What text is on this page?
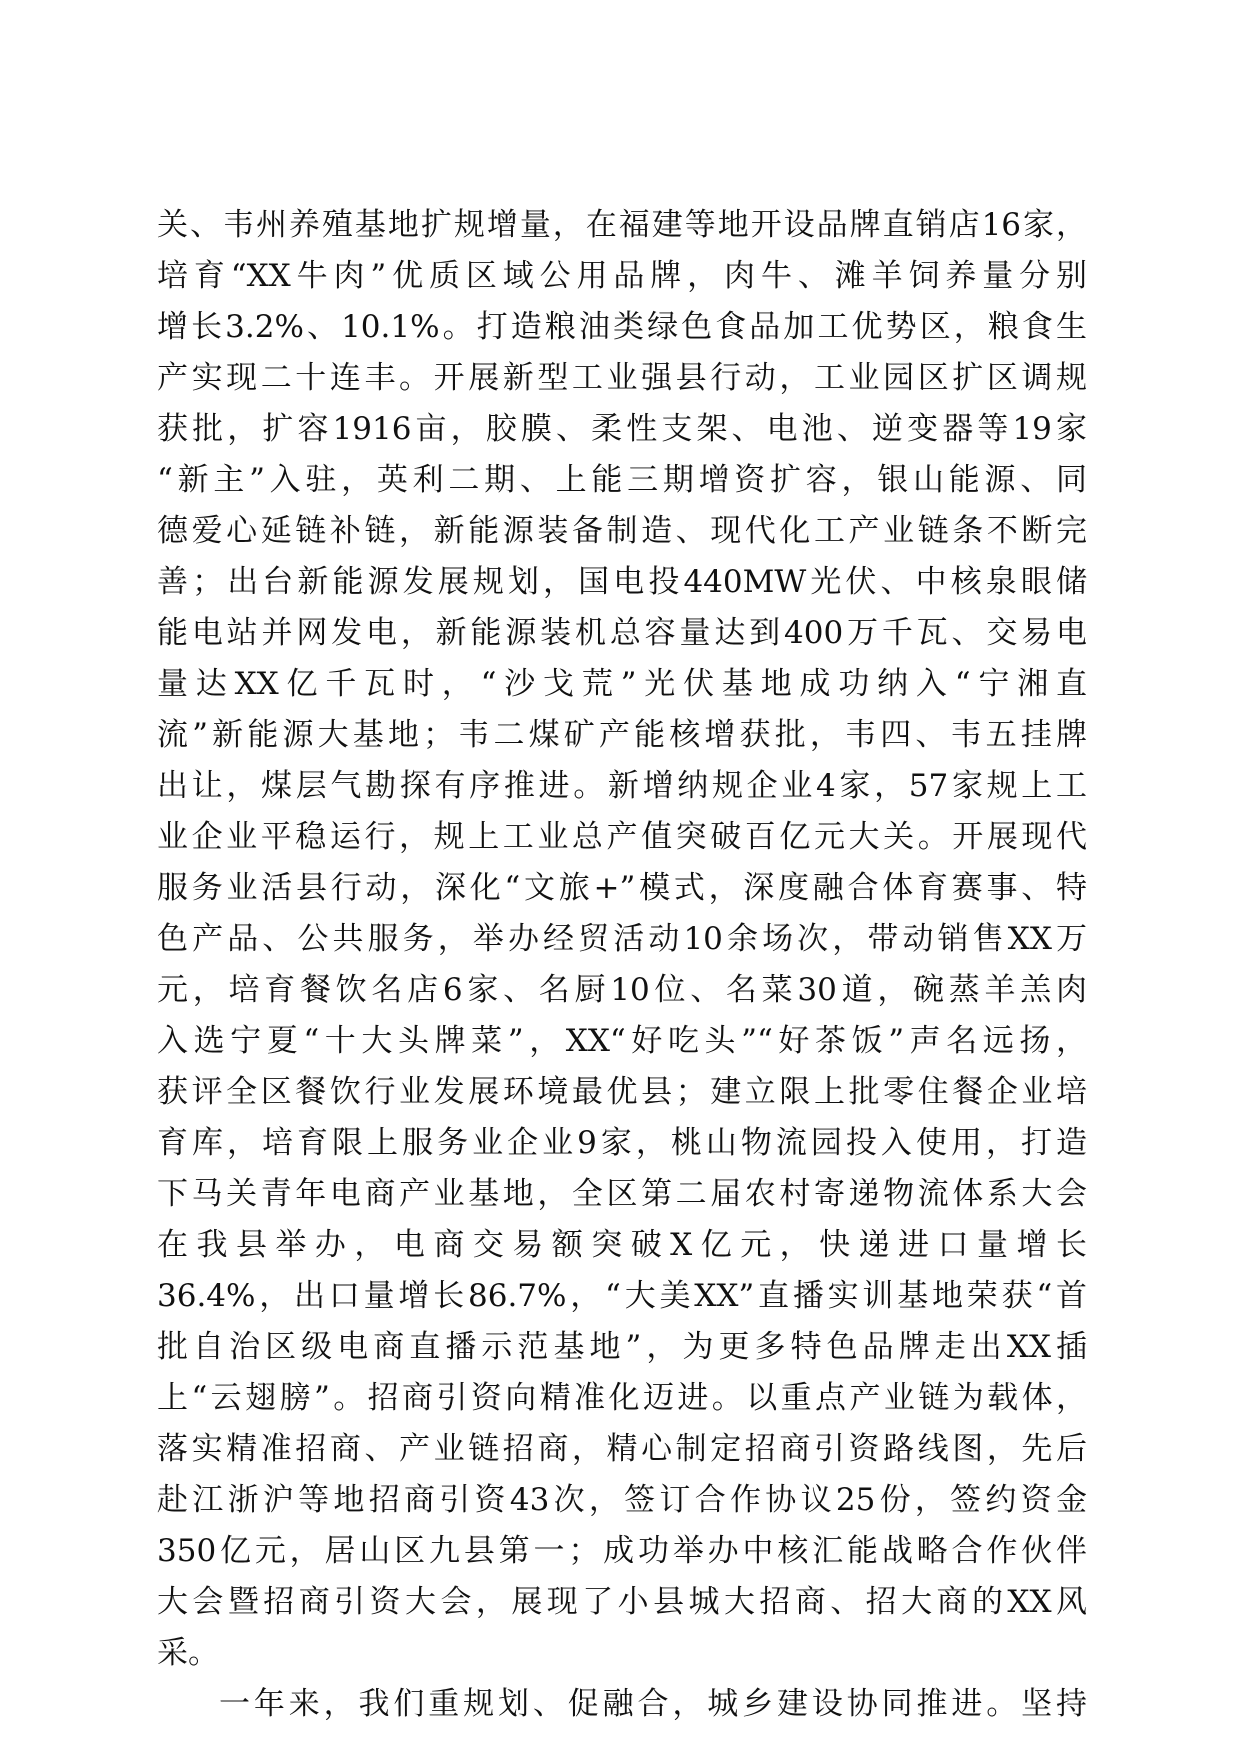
关、韦州养殖基地扩规增量，在福建等地开设品牌直销店16家，
培育“XX牛肉”优质区域公用品牌，肉牛、滩羊饲养量分别
增长3.2%、10.1%。打造粮油类绿色食品加工优势区，粮食生
产实现二十连丰。开展新型工业强县行动，工业园区扩区调规
获批，扩容1916亩，胶膜、柔性支架、电池、逆变器等19家
“新主”入驻，英利二期、上能三期增资扩容，银山能源、同
德爱心延链补链，新能源装备制造、现代化工产业链条不断完
善；出台新能源发展规划，国电投440MW光伏、中核泉眼储
能电站并网发电，新能源装机总容量达到400万千瓦、交易电
量达XX亿千瓦时，“沙戈荒”光伏基地成功纳入“宁湘直
流”新能源大基地；韦二煤矿产能核增获批，韦四、韦五挂牌
出让，煤层气勘探有序推进。新增纳规企业4家，57家规上工
业企业平稳运行，规上工业总产值突破百亿元大关。开展现代
服务业活县行动，深化“文旅+”模式，深度融合体育赛事、特
色产品、公共服务，举办经贸活动10余场次，带动销售XX万
元，培育餐饮名店6家、名厨10位、名菜30道，碗蒸羊羔肉
入选宁夏“十大头牌菜”，XX“好吃头”“好茶饭”声名远扬，
获评全区餐饮行业发展环境最优县；建立限上批零住餐企业培
育库，培育限上服务业企业9家，桃山物流园投入使用，打造
下马关青年电商产业基地，全区第二届农村寄递物流体系大会
在我县举办，电商交易额突破X亿元，快递进口量增长
36.4%，出口量增长86.7%，“大美XX”直播实训基地荣获“首
批自治区级电商直播示范基地”，为更多特色品牌走出XX插
上“云翅膀”。招商引资向精准化迈进。以重点产业链为载体，
落实精准招商、产业链招商，精心制定招商引资路线图，先后
赴江浙沪等地招商引资43次，签订合作协议25份，签约资金
350亿元，居山区九县第一；成功举办中核汇能战略合作伙伴
大会暨招商引资大会，展现了小县城大招商、招大商的XX风
采。
一年来，我们重规划、促融合，城乡建设协同推进。坚持
